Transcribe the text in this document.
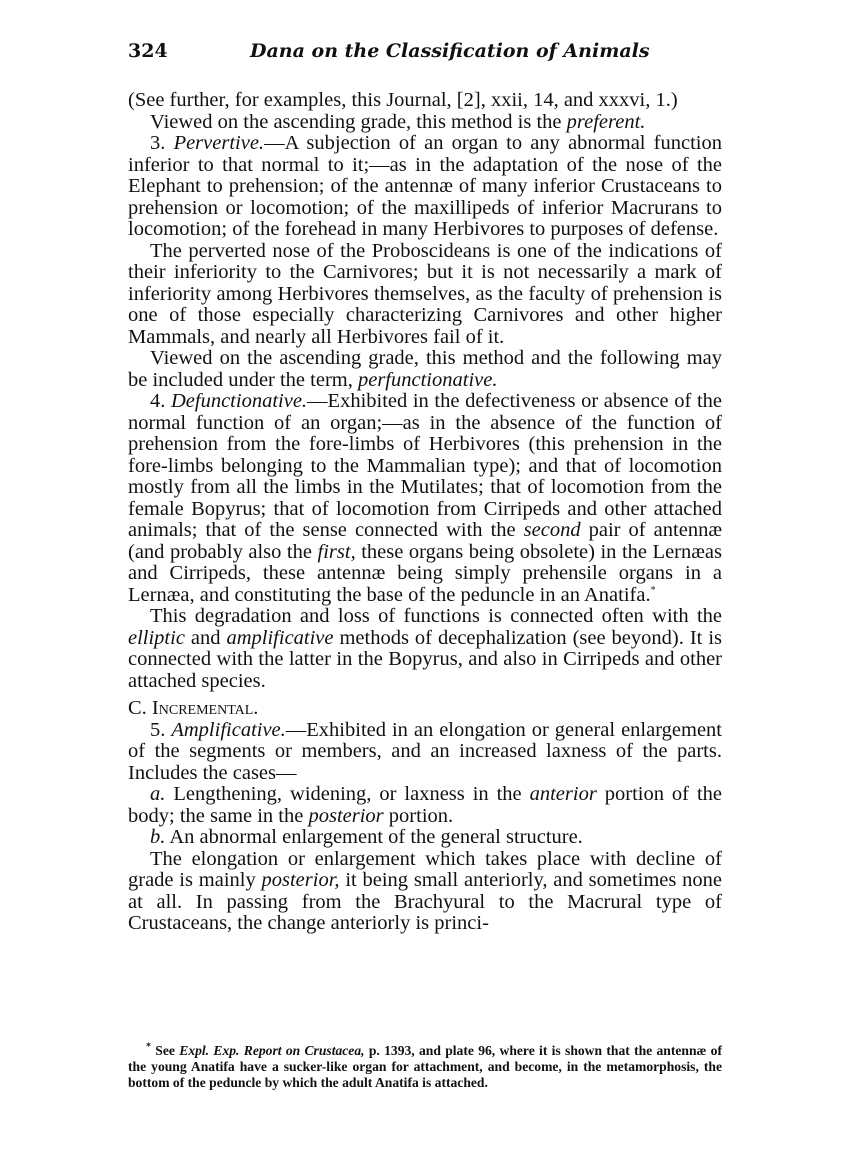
324	Dana on the Classification of Animals

(See further, for examples, this Journal, [2], xxii, 14, and xxxvi, 1.)

Viewed on the ascending grade, this method is the preferent.

3. Pervertive.—A subjection of an organ to any abnormal function inferior to that normal to it;—as in the adaptation of the nose of the Elephant to prehension; of the antennæ of many inferior Crustaceans to prehension or locomotion; of the maxillipeds of inferior Macrurans to locomotion; of the forehead in many Herbivores to purposes of defense.

The perverted nose of the Proboscideans is one of the indications of their inferiority to the Carnivores; but it is not necessarily a mark of inferiority among Herbivores themselves, as the faculty of prehension is one of those especially characterizing Carnivores and other higher Mammals, and nearly all Herbivores fail of it.

Viewed on the ascending grade, this method and the following may be included under the term, perfunctionative.

4. Defunctionative.—Exhibited in the defectiveness or absence of the normal function of an organ;—as in the absence of the function of prehension from the fore-limbs of Herbivores (this prehension in the fore-limbs belonging to the Mammalian type); and that of locomotion mostly from all the limbs in the Mutilates; that of locomotion from the female Bopyrus; that of locomotion from Cirripeds and other attached animals; that of the sense connected with the second pair of antennæ (and probably also the first, these organs being obsolete) in the Lernæas and Cirripeds, these antennæ being simply prehensile organs in a Lernæa, and constituting the base of the peduncle in an Anatifa.*

This degradation and loss of functions is connected often with the elliptic and amplificative methods of decephalization (see beyond). It is connected with the latter in the Bopyrus, and also in Cirripeds and other attached species.

C. Incremental.

5. Amplificative.—Exhibited in an elongation or general enlargement of the segments or members, and an increased laxness of the parts. Includes the cases—

a. Lengthening, widening, or laxness in the anterior portion of the body; the same in the posterior portion.

b. An abnormal enlargement of the general structure.

The elongation or enlargement which takes place with decline of grade is mainly posterior, it being small anteriorly, and sometimes none at all. In passing from the Brachyural to the Macrural type of Crustaceans, the change anteriorly is princi-

* See Expl. Exp. Report on Crustacea, p. 1393, and plate 96, where it is shown that the antennæ of the young Anatifa have a sucker-like organ for attachment, and become, in the metamorphosis, the bottom of the peduncle by which the adult Anatifa is attached.
